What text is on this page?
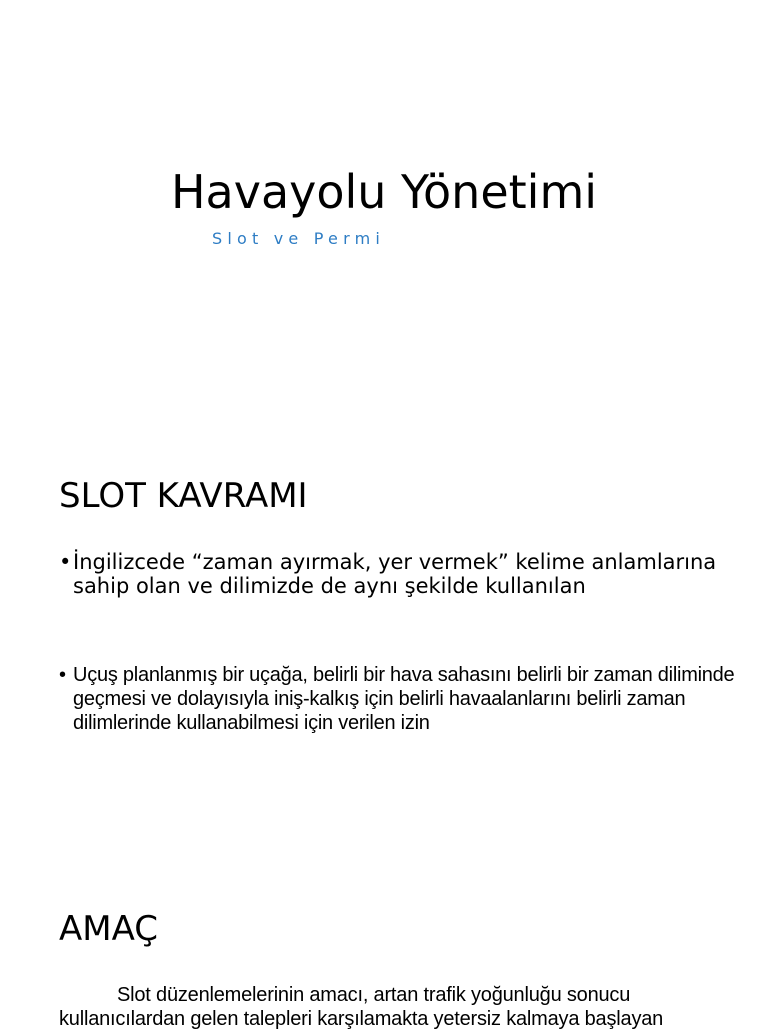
Havayolu Yönetimi
Slot ve Permi
SLOT KAVRAMI
• İngilizcede “zaman ayırmak, yer vermek” kelime anlamlarına sahip olan ve dilimizde de aynı şekilde kullanılan
• Uçuş planlanmış bir uçağa, belirli bir hava sahasını belirli bir zaman diliminde geçmesi ve dolayısıyla iniş-kalkış için belirli havaalanlarını belirli zaman dilimlerinde kullanabilmesi için verilen izin
AMAÇ

Slot düzenlemelerinin amacı, artan trafik yoğunluğu sonucu kullanıcılardan gelen talepleri karşılamakta yetersiz kalmaya başlayan
